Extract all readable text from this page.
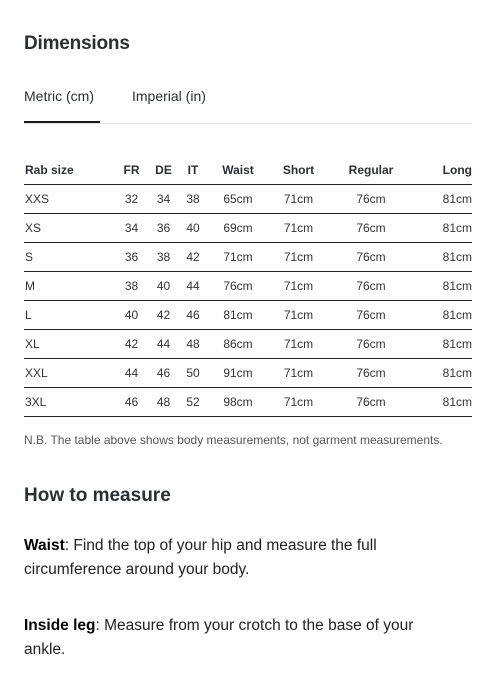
Dimensions
Metric (cm)	Imperial (in)
Rab size	FR	DE	IT	Waist	Short	Regular	Long
XXS	32	34	38	65cm	71cm	76cm	81cm
XS	34	36	40	69cm	71cm	76cm	81cm
S	36	38	42	71cm	71cm	76cm	81cm
M	38	40	44	76cm	71cm	76cm	81cm
L	40	42	46	81cm	71cm	76cm	81cm
XL	42	44	48	86cm	71cm	76cm	81cm
XXL	44	46	50	91cm	71cm	76cm	81cm
3XL	46	48	52	98cm	71cm	76cm	81cm
N.B. The table above shows body measurements, not garment measurements.
How to measure

Waist: Find the top of your hip and measure the full circumference around your body.

Inside leg: Measure from your crotch to the base of your ankle.
